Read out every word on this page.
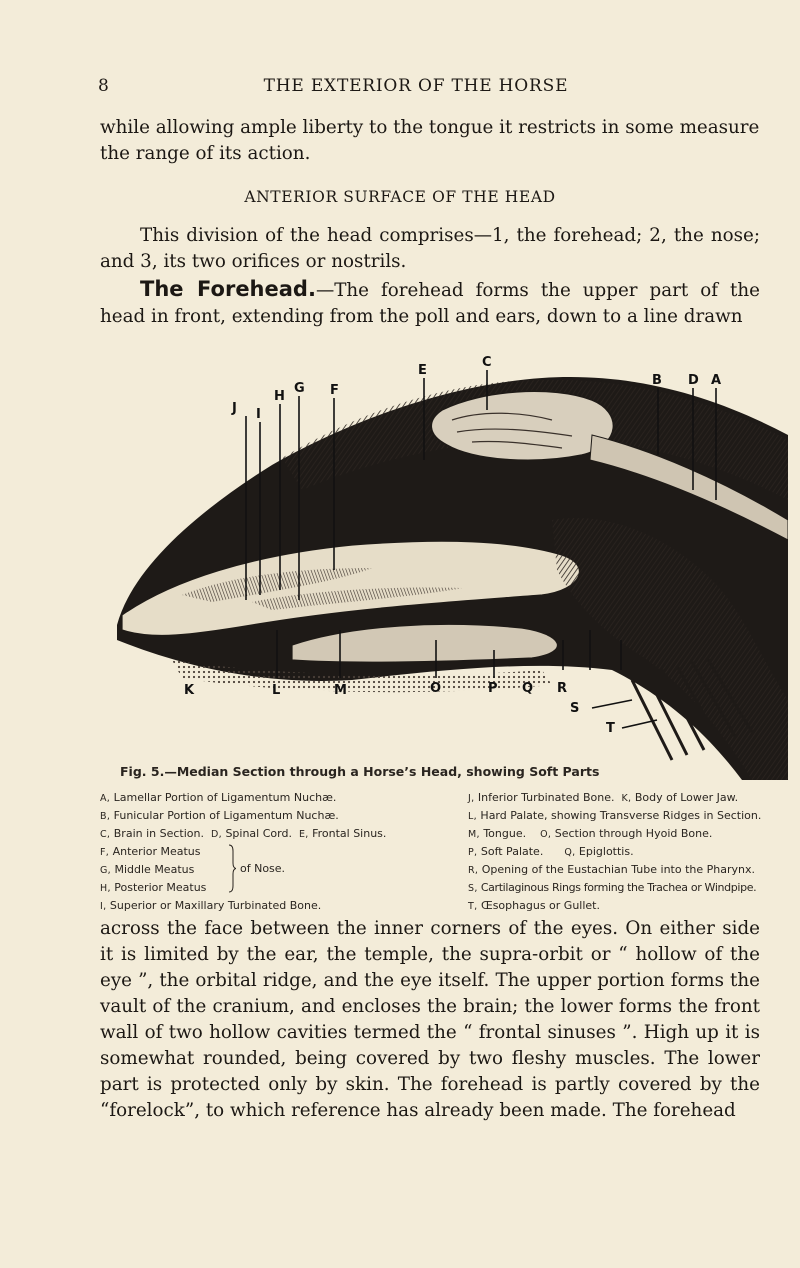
8	THE EXTERIOR OF THE HORSE

while allowing ample liberty to the tongue it restricts in some measure

the range of its action.

ANTERIOR SURFACE OF THE HEAD

This division of the head comprises—1, the forehead; 2, the nose; and 3, its two orifices or nostrils.

The Forehead.—The forehead forms the upper part of the head in front, extending from the poll and ears, down to a line drawn

C
E
F
G
H
I
J
B D A
K	L	M	O	P Q R
S
T
Fig. 5.—Median Section through a Horse’s Head, showing Soft Parts
A, Lamellar Portion of Ligamentum Nuchæ.
B, Funicular Portion of Ligamentum Nuchæ.
C, Brain in Section. D, Spinal Cord. E, Frontal Sinus.
F, Anterior Meatus
G, Middle Meatus
H, Posterior Meatus
of Nose.
I, Superior or Maxillary Turbinated Bone.
J, Inferior Turbinated Bone. K, Body of Lower Jaw.
L, Hard Palate, showing Transverse Ridges in Section.
M, Tongue. O, Section through Hyoid Bone.
P, Soft Palate. Q, Epiglottis.
R, Opening of the Eustachian Tube into the Pharynx.
S, Cartilaginous Rings forming the Trachea or Windpipe.
T, Œsophagus or Gullet.

across the face between the inner corners of the eyes. On either side it is limited by the ear, the temple, the supra-orbit or “ hollow of the eye ”, the orbital ridge, and the eye itself. The upper portion forms the vault of the cranium, and encloses the brain; the lower forms the front wall of two hollow cavities termed the “ frontal sinuses ”. High up it is somewhat rounded, being covered by two fleshy muscles. The lower part is protected only by skin. The forehead is partly covered by the “forelock”, to which reference has already been made. The forehead
